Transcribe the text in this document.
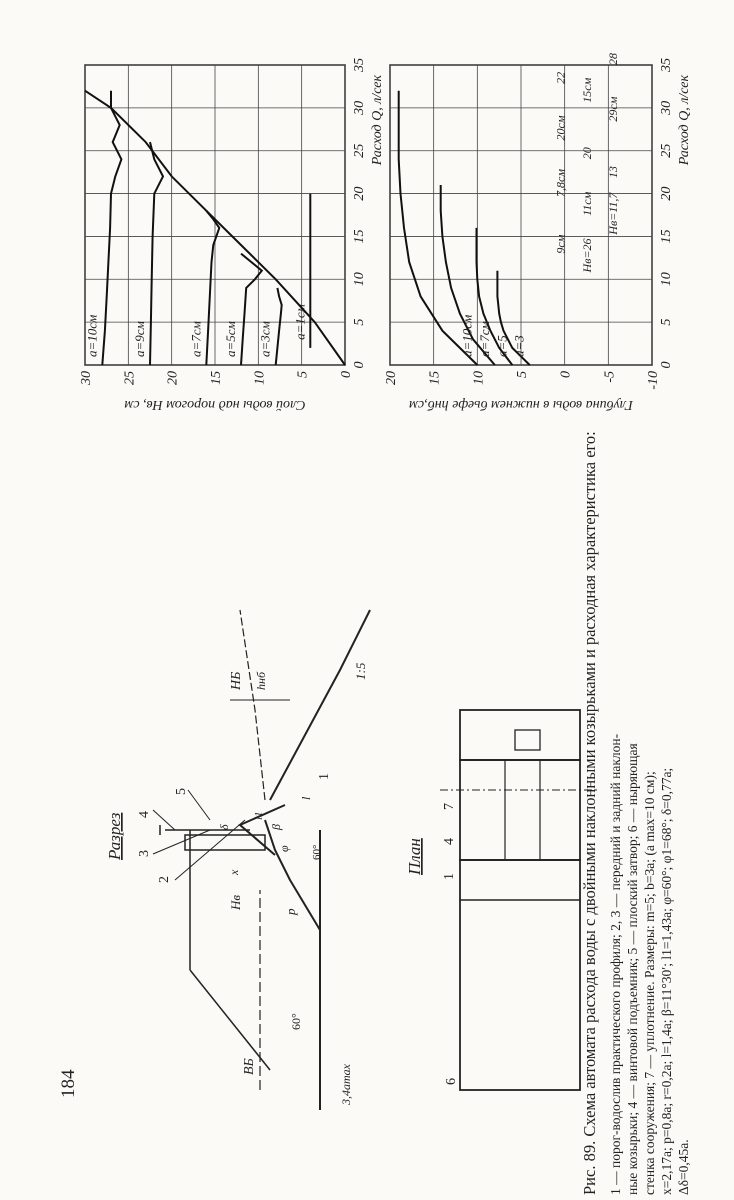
184	Рис. 89. Схема автомата расхода воды с двойными наклонными козырьками и расходная характеристика его: 1 — порог-водослив практического профиля; 2, 3 — передний и задний наклон- ные козырьки; 4 — винтовой подъемник; 5 — плоский затвор; 6 — ныряющая стенка сооружения; 7 — уплотнение. Размеры: m=5; b=3a; (a max=10 см); x=2,17a; p=0,8a; r=0,2a; l=1,4a; β=11°30′; l1=1,43a; φ=60°; φ1=68°; δ=0,77a; Δδ=0,45a.
Разрез
ВБ
60°
3,4amax
Hв
p
4
5
3
2
x
δ
l1
β
φ 60°
l
1
1:5
НБ hнб
План
6
1
4
7
0
5
10
15
20
25
30
35
0
5
10
15
20
25
30
Расход Q, л/сек
Слой воды над порогом Hв, см
a=1см
a=3см
a=5см
a=7см
a=9см
a=10см
0
5
10
15
20
25
30
35
-10
-5
0
5
10
15
20
Расход Q, л/сек
Глубина воды в нижнем бьефе hнб,см
a=3
a=5
a=7см
a=10см
Hв=26
9см
Hв=11,7
11см
7,8см	13
20
20см
29см
15см
22
28
